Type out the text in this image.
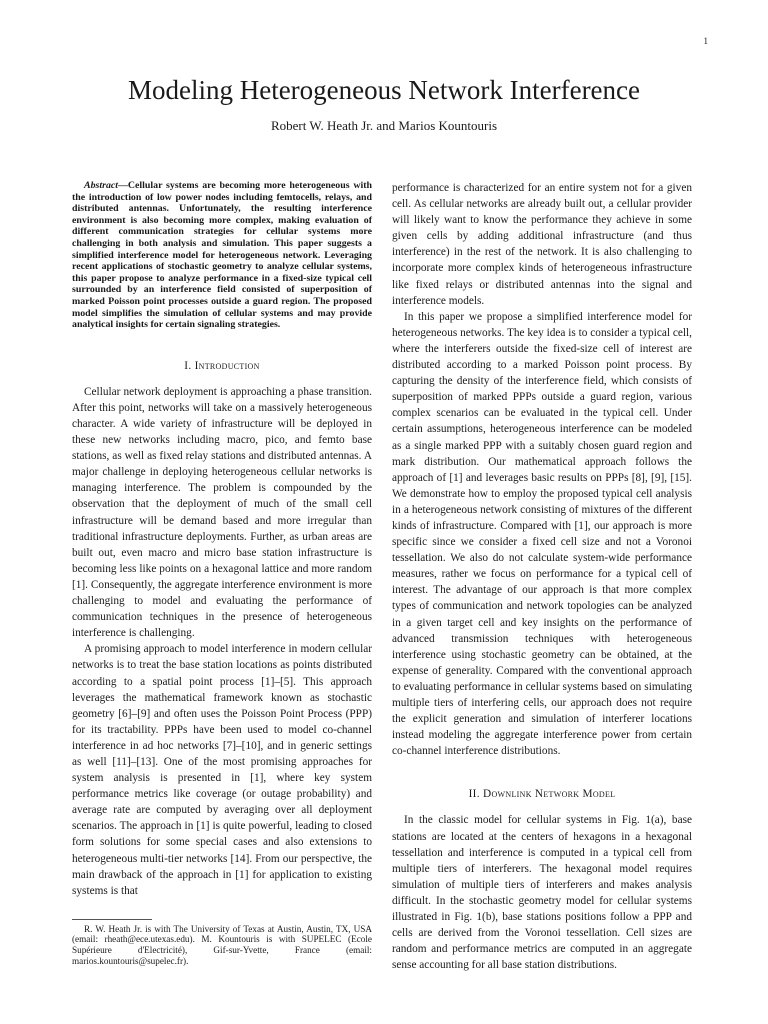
1
Modeling Heterogeneous Network Interference
Robert W. Heath Jr. and Marios Kountouris

Abstract—Cellular systems are becoming more heterogeneous with the introduction of low power nodes including femtocells, relays, and distributed antennas. Unfortunately, the resulting interference environment is also becoming more complex, making evaluation of different communication strategies for cellular systems more challenging in both analysis and simulation. This paper suggests a simplified interference model for heterogeneous network. Leveraging recent applications of stochastic geometry to analyze cellular systems, this paper propose to analyze performance in a fixed-size typical cell surrounded by an interference field consisted of superposition of marked Poisson point processes outside a guard region. The proposed model simplifies the simulation of cellular systems and may provide analytical insights for certain signaling strategies.

I. Introduction

Cellular network deployment is approaching a phase transition. After this point, networks will take on a massively heterogeneous character. A wide variety of infrastructure will be deployed in these new networks including macro, pico, and femto base stations, as well as fixed relay stations and distributed antennas. A major challenge in deploying heterogeneous cellular networks is managing interference. The problem is compounded by the observation that the deployment of much of the small cell infrastructure will be demand based and more irregular than traditional infrastructure deployments. Further, as urban areas are built out, even macro and micro base station infrastructure is becoming less like points on a hexagonal lattice and more random [1]. Consequently, the aggregate interference environment is more challenging to model and evaluating the performance of communication techniques in the presence of heterogeneous interference is challenging.

A promising approach to model interference in modern cellular networks is to treat the base station locations as points distributed according to a spatial point process [1]–[5]. This approach leverages the mathematical framework known as stochastic geometry [6]–[9] and often uses the Poisson Point Process (PPP) for its tractability. PPPs have been used to model co-channel interference in ad hoc networks [7]–[10], and in generic settings as well [11]–[13]. One of the most promising approaches for system analysis is presented in [1], where key system performance metrics like coverage (or outage probability) and average rate are computed by averaging over all deployment scenarios. The approach in [1] is quite powerful, leading to closed form solutions for some special cases and also extensions to heterogeneous multi-tier networks [14]. From our perspective, the main drawback of the approach in [1] for application to existing systems is that

R. W. Heath Jr. is with The University of Texas at Austin, Austin, TX, USA (email: rheath@ece.utexas.edu). M. Kountouris is with SUPELEC (Ecole Supérieure d'Electricité), Gif-sur-Yvette, France (email: marios.kountouris@supelec.fr).

performance is characterized for an entire system not for a given cell. As cellular networks are already built out, a cellular provider will likely want to know the performance they achieve in some given cells by adding additional infrastructure (and thus interference) in the rest of the network. It is also challenging to incorporate more complex kinds of heterogeneous infrastructure like fixed relays or distributed antennas into the signal and interference models.

In this paper we propose a simplified interference model for heterogeneous networks. The key idea is to consider a typical cell, where the interferers outside the fixed-size cell of interest are distributed according to a marked Poisson point process. By capturing the density of the interference field, which consists of superposition of marked PPPs outside a guard region, various complex scenarios can be evaluated in the typical cell. Under certain assumptions, heterogeneous interference can be modeled as a single marked PPP with a suitably chosen guard region and mark distribution. Our mathematical approach follows the approach of [1] and leverages basic results on PPPs [8], [9], [15]. We demonstrate how to employ the proposed typical cell analysis in a heterogeneous network consisting of mixtures of the different kinds of infrastructure. Compared with [1], our approach is more specific since we consider a fixed cell size and not a Voronoi tessellation. We also do not calculate system-wide performance measures, rather we focus on performance for a typical cell of interest. The advantage of our approach is that more complex types of communication and network topologies can be analyzed in a given target cell and key insights on the performance of advanced transmission techniques with heterogeneous interference using stochastic geometry can be obtained, at the expense of generality. Compared with the conventional approach to evaluating performance in cellular systems based on simulating multiple tiers of interfering cells, our approach does not require the explicit generation and simulation of interferer locations instead modeling the aggregate interference power from certain co-channel interference distributions.

II. Downlink Network Model

In the classic model for cellular systems in Fig. 1(a), base stations are located at the centers of hexagons in a hexagonal tessellation and interference is computed in a typical cell from multiple tiers of interferers. The hexagonal model requires simulation of multiple tiers of interferers and makes analysis difficult. In the stochastic geometry model for cellular systems illustrated in Fig. 1(b), base stations positions follow a PPP and cells are derived from the Voronoi tessellation. Cell sizes are random and performance metrics are computed in an aggregate sense accounting for all base station distributions.
